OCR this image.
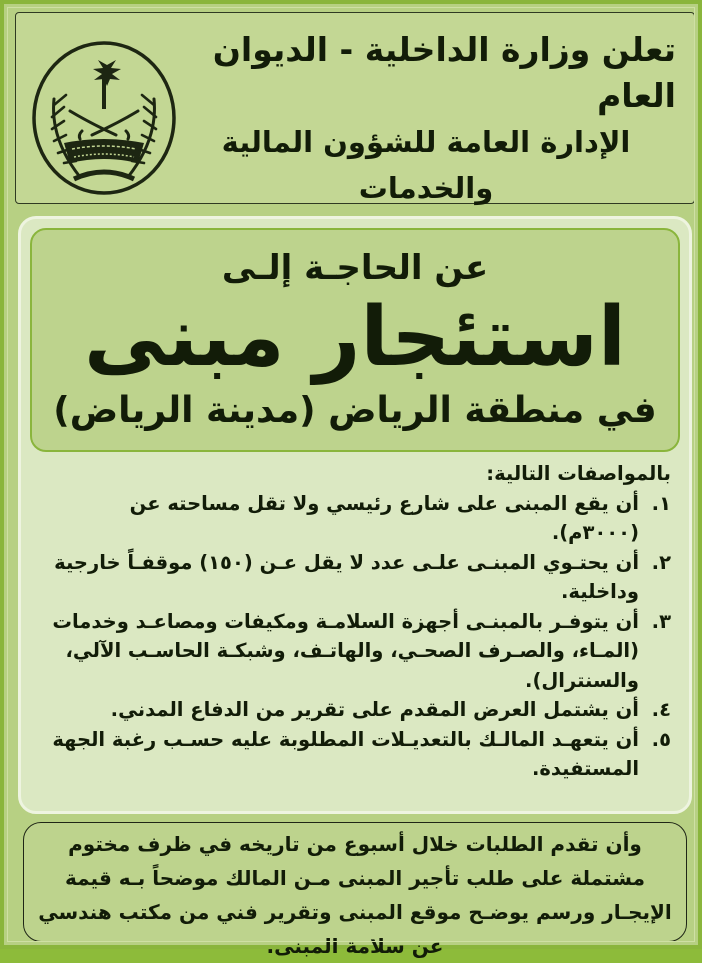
تعلن وزارة الداخلية - الديوان العام
الإدارة العامة للشؤون المالية والخدمات
عن الحاجـة إلـى
استئجار مبنى
في منطقة الرياض (مدينة الرياض)

بالمواصفات التالية:

١.
أن يقع المبنى على شارع رئيسي ولا تقل مساحته عن (٣٠٠٠م).
٢.
أن يحتـوي المبنـى علـى عدد لا يقل عـن (١٥٠) موقفـاً خارجية وداخلية.
٣.
أن يتوفـر بالمبنـى أجهزة السلامـة ومكيفات ومصاعـد وخدمات (المـاء، والصـرف الصحـي، والهاتـف، وشبكـة الحاسـب الآلي، والسنترال).
٤.
أن يشتمل العرض المقدم على تقرير من الدفاع المدني.
٥.
أن يتعهـد المالـك بالتعديـلات المطلوبة عليه حسـب رغبة الجهة المستفيدة.
وأن تقدم الطلبات خلال أسبوع من تاريخه في ظرف مختوم مشتملة على طلب تأجير المبنى مـن المالك موضحاً بـه قيمة الإيجـار ورسم يوضـح موقع المبنى وتقرير فني من مكتب هندسي عن سلامة المبنى.
